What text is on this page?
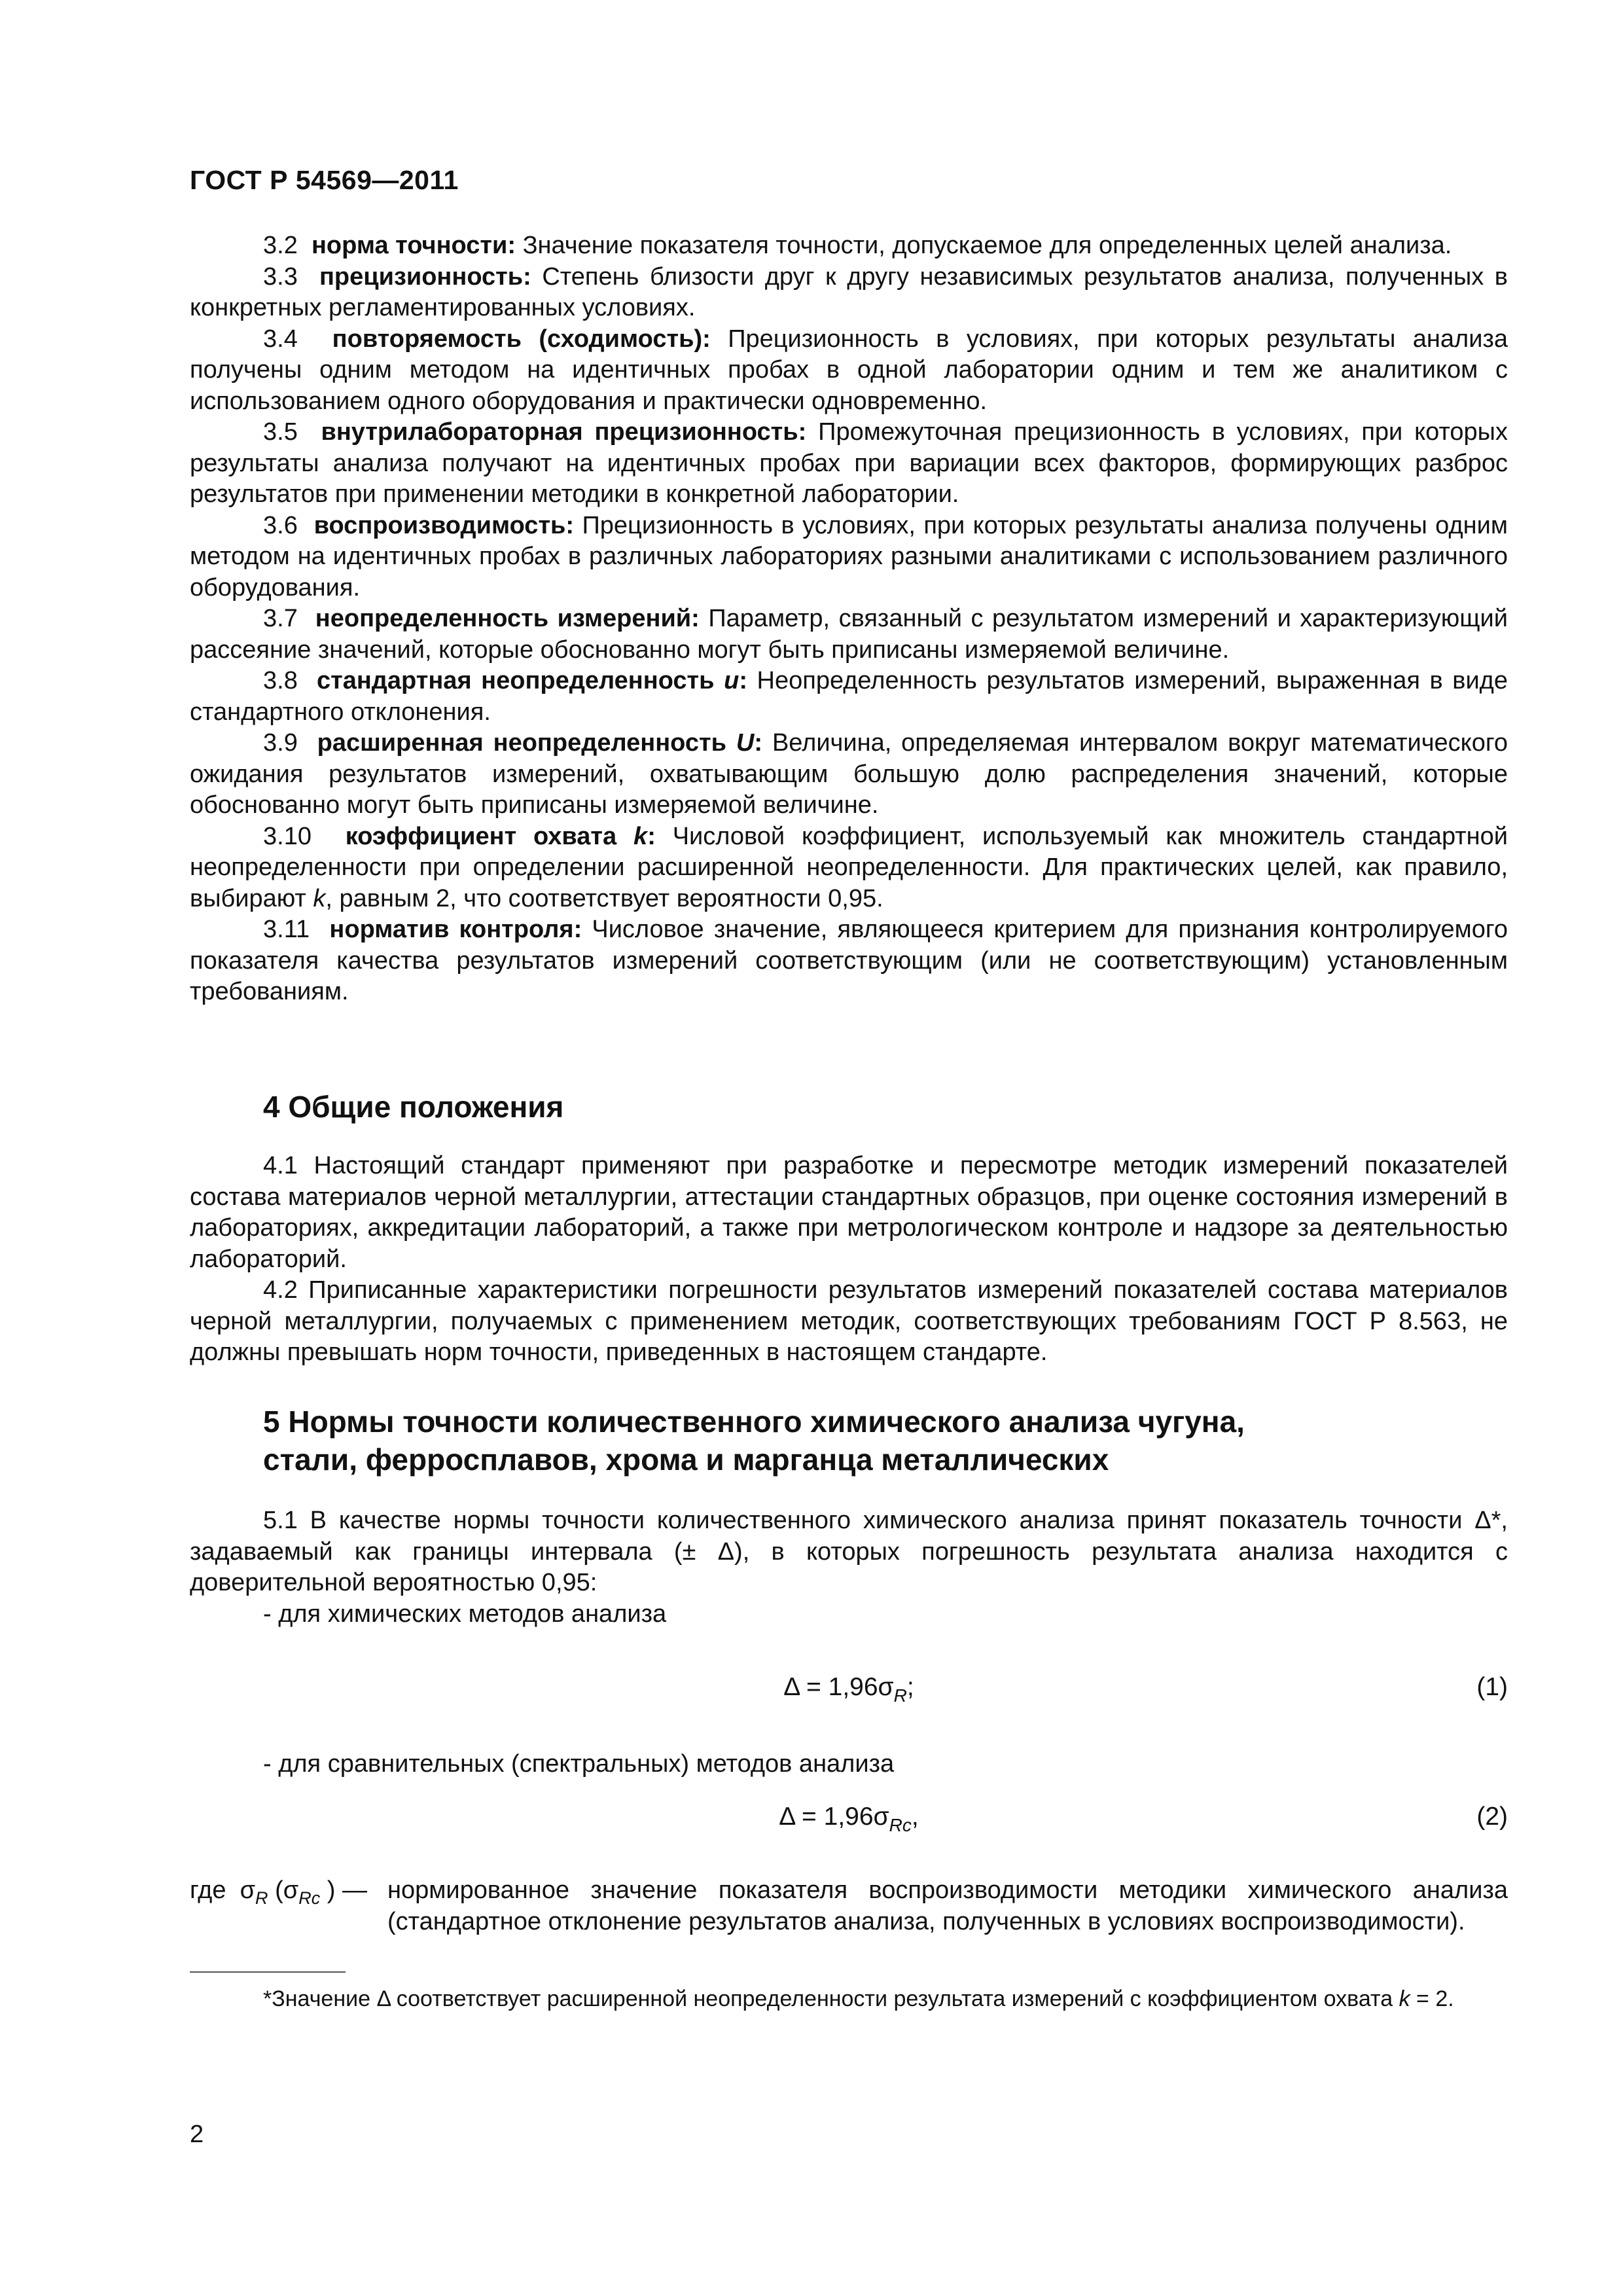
ГОСТ Р 54569—2011

3.2 норма точности: Значение показателя точности, допускаемое для определенных целей анализа.

3.3 прецизионность: Степень близости друг к другу независимых результатов анализа, полученных в конкретных регламентированных условиях.

3.4 повторяемость (сходимость): Прецизионность в условиях, при которых результаты анализа получены одним методом на идентичных пробах в одной лаборатории одним и тем же аналитиком с использованием одного оборудования и практически одновременно.

3.5 внутрилабораторная прецизионность: Промежуточная прецизионность в условиях, при которых результаты анализа получают на идентичных пробах при вариации всех факторов, формирующих разброс результатов при применении методики в конкретной лаборатории.

3.6 воспроизводимость: Прецизионность в условиях, при которых результаты анализа получены одним методом на идентичных пробах в различных лабораториях разными аналитиками с использованием различного оборудования.

3.7 неопределенность измерений: Параметр, связанный с результатом измерений и характеризующий рассеяние значений, которые обоснованно могут быть приписаны измеряемой величине.

3.8 стандартная неопределенность u: Неопределенность результатов измерений, выраженная в виде стандартного отклонения.

3.9 расширенная неопределенность U: Величина, определяемая интервалом вокруг математического ожидания результатов измерений, охватывающим большую долю распределения значений, которые обоснованно могут быть приписаны измеряемой величине.

3.10 коэффициент охвата k: Числовой коэффициент, используемый как множитель стандартной неопределенности при определении расширенной неопределенности. Для практических целей, как правило, выбирают k, равным 2, что соответствует вероятности 0,95.

3.11 норматив контроля: Числовое значение, являющееся критерием для признания контролируемого показателя качества результатов измерений соответствующим (или не соответствующим) установленным требованиям.

4 Общие положения

4.1 Настоящий стандарт применяют при разработке и пересмотре методик измерений показателей состава материалов черной металлургии, аттестации стандартных образцов, при оценке состояния измерений в лабораториях, аккредитации лабораторий, а также при метрологическом контроле и надзоре за деятельностью лабораторий.

4.2 Приписанные характеристики погрешности результатов измерений показателей состава материалов черной металлургии, получаемых с применением методик, соответствующих требованиям ГОСТ Р 8.563, не должны превышать норм точности, приведенных в настоящем стандарте.

5 Нормы точности количественного химического анализа чугуна,
стали, ферросплавов, хрома и марганца металлических

5.1 В качестве нормы точности количественного химического анализа принят показатель точности Δ*, задаваемый как границы интервала (± Δ), в которых погрешность результата анализа находится с доверительной вероятностью 0,95:

- для химических методов анализа

$\Delta = 1,96\sigma_R$;	(1)

- для сравнительных (спектральных) методов анализа

$\Delta = 1,96\sigma_{Rc}$,	(2)
где $\sigma_R$ ($\sigma_{Rc}$ ) — нормированное значение показателя воспроизводимости методики химического анализа (стандартное отклонение результатов анализа, полученных в условиях воспроизводимости).

*Значение Δ соответствует расширенной неопределенности результата измерений с коэффициентом охвата k = 2.

2
